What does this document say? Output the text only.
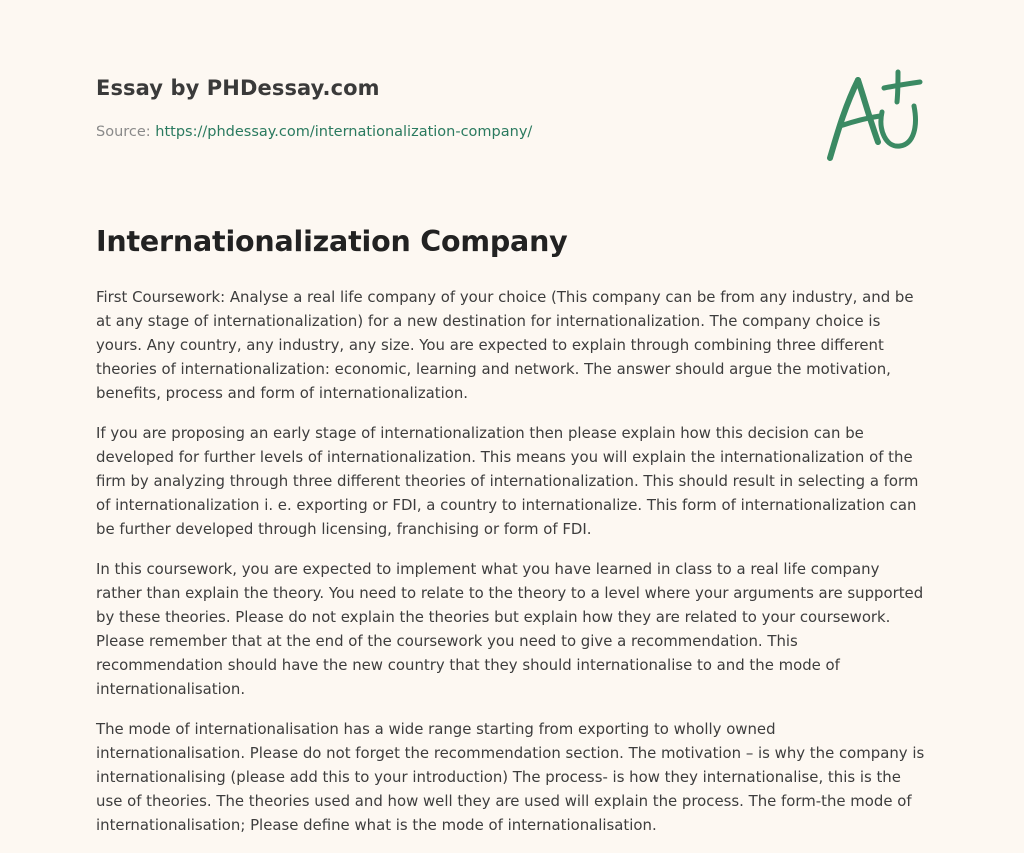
Essay by PHDessay.com
Source: https://phdessay.com/internationalization-company/
Internationalization Company

First Coursework: Analyse a real life company of your choice (This company can be from any industry, and be at any stage of internationalization) for a new destination for internationalization. The company choice is yours. Any country, any industry, any size. You are expected to explain through combining three different theories of internationalization: economic, learning and network. The answer should argue the motivation, benefits, process and form of internationalization.

If you are proposing an early stage of internationalization then please explain how this decision can be developed for further levels of internationalization. This means you will explain the internationalization of the firm by analyzing through three different theories of internationalization. This should result in selecting a form of internationalization i. e. exporting or FDI, a country to internationalize. This form of internationalization can be further developed through licensing, franchising or form of FDI.

In this coursework, you are expected to implement what you have learned in class to a real life company rather than explain the theory. You need to relate to the theory to a level where your arguments are supported by these theories. Please do not explain the theories but explain how they are related to your coursework. Please remember that at the end of the coursework you need to give a recommendation. This recommendation should have the new country that they should internationalise to and the mode of internationalisation.

The mode of internationalisation has a wide range starting from exporting to wholly owned internationalisation. Please do not forget the recommendation section. The motivation – is why the company is internationalising (please add this to your introduction) The process- is how they internationalise, this is the use of theories. The theories used and how well they are used will explain the process. The form-the mode of internationalisation; Please define what is the mode of internationalisation.
